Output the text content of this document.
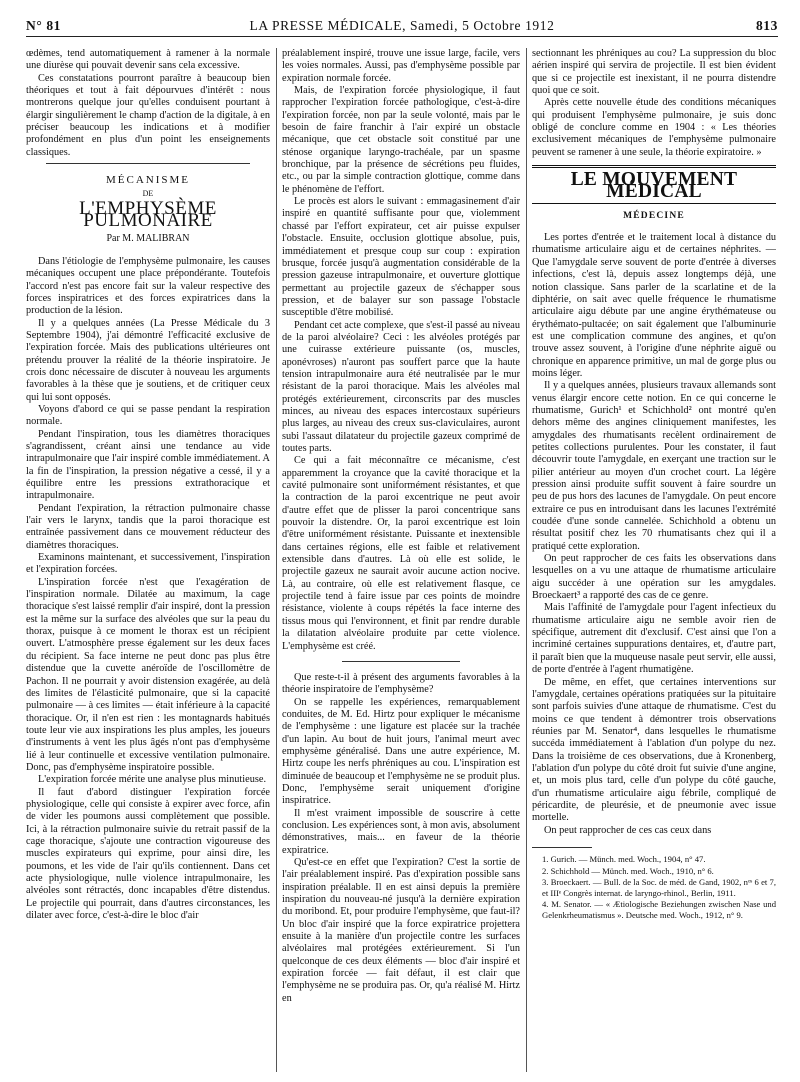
N° 81	LA PRESSE MÉDICALE, Samedi, 5 Octobre 1912	813

œdèmes, tend automatiquement à ramener à la normale une diurèse qui pouvait devenir sans cela excessive.

Ces constatations pourront paraître à beaucoup bien théoriques et tout à fait dépourvues d'intérêt : nous montrerons quelque jour qu'elles conduisent pourtant à élargir singulièrement le champ d'action de la digitale, à en préciser beaucoup les indications et à modifier profondément en plus d'un point les enseignements classiques.

MÉCANISME
DE
L'EMPHYSÈME PULMONAIRE
Par M. MALIBRAN

Dans l'étiologie de l'emphysème pulmonaire, les causes mécaniques occupent une place prépondérante. Toutefois l'accord n'est pas encore fait sur la valeur respective des forces inspiratrices et des forces expiratrices dans la production de la lésion.

Il y a quelques années (La Presse Médicale du 3 Septembre 1904), j'ai démontré l'efficacité exclusive de l'expiration forcée. Mais des publications ultérieures ont prétendu prouver la réalité de la théorie inspiratoire. Je crois donc nécessaire de discuter à nouveau les arguments favorables à la thèse que je soutiens, et de critiquer ceux qui lui sont opposés.

Voyons d'abord ce qui se passe pendant la respiration normale.

Pendant l'inspiration, tous les diamètres thoraciques s'agrandissent, créant ainsi une tendance au vide intrapulmonaire que l'air inspiré comble immédiatement. A la fin de l'inspiration, la pression négative a cessé, il y a équilibre entre les pressions extrathoracique et intrapulmonaire.

Pendant l'expiration, la rétraction pulmonaire chasse l'air vers le larynx, tandis que la paroi thoracique est entraînée passivement dans ce mouvement réducteur des diamètres thoraciques.

Examinons maintenant, et successivement, l'inspiration et l'expiration forcées.

L'inspiration forcée n'est que l'exagération de l'inspiration normale. Dilatée au maximum, la cage thoracique s'est laissé remplir d'air inspiré, dont la pression est la même sur la surface des alvéoles que sur la peau du thorax, puisque à ce moment le thorax est un récipient ouvert. L'atmosphère presse également sur les deux faces du récipient. Sa face interne ne peut donc pas plus être distendue que la cuvette anéroïde de l'oscillomètre de Pachon. Il ne pourrait y avoir distension exagérée, au delà des limites de l'élasticité pulmonaire, que si la capacité pulmonaire — à ces limites — était inférieure à la capacité thoracique. Or, il n'en est rien : les montagnards habitués toute leur vie aux inspirations les plus amples, les joueurs d'instruments à vent les plus âgés n'ont pas d'emphysème lié à leur continuelle et excessive ventilation pulmonaire. Donc, pas d'emphysème inspiratoire possible.

L'expiration forcée mérite une analyse plus minutieuse.

Il faut d'abord distinguer l'expiration forcée physiologique, celle qui consiste à expirer avec force, afin de vider les poumons aussi complètement que possible. Ici, à la rétraction pulmonaire suivie du retrait passif de la cage thoracique, s'ajoute une contraction vigoureuse des muscles expirateurs qui exprime, pour ainsi dire, les poumons, et les vide de l'air qu'ils contiennent. Dans cet acte physiologique, nulle violence intrapulmonaire, les alvéoles sont rétractés, donc incapables d'être distendus. Le projectile qui pourrait, dans d'autres circonstances, les dilater avec force, c'est-à-dire le bloc d'air

préalablement inspiré, trouve une issue large, facile, vers les voies normales. Aussi, pas d'emphysème possible par expiration normale forcée.

Mais, de l'expiration forcée physiologique, il faut rapprocher l'expiration forcée pathologique, c'est-à-dire l'expiration forcée, non par la seule volonté, mais par le besoin de faire franchir à l'air expiré un obstacle mécanique, que cet obstacle soit constitué par une sténose organique laryngo-trachéale, par un spasme bronchique, par la présence de sécrétions peu fluides, etc., ou par la simple contraction glottique, comme dans le phénomène de l'effort.

Le procès est alors le suivant : emmagasinement d'air inspiré en quantité suffisante pour que, violemment chassé par l'effort expirateur, cet air puisse expulser l'obstacle. Ensuite, occlusion glottique absolue, puis, immédiatement et presque coup sur coup : expiration brusque, forcée jusqu'à augmentation considérable de la pression gazeuse intrapulmonaire, et ouverture glottique permettant au projectile gazeux de s'échapper sous pression, et de balayer sur son passage l'obstacle susceptible d'être mobilisé.

Pendant cet acte complexe, que s'est-il passé au niveau de la paroi alvéolaire? Ceci : les alvéoles protégés par une cuirasse extérieure puissante (os, muscles, aponévroses) n'auront pas souffert parce que la haute tension intrapulmonaire aura été neutralisée par le mur résistant de la paroi thoracique. Mais les alvéoles mal protégés extérieurement, circonscrits par des muscles minces, au niveau des espaces intercostaux supérieurs plus larges, au niveau des creux sus-claviculaires, auront subi l'assaut dilatateur du projectile gazeux comprimé de toutes parts.

Ce qui a fait méconnaître ce mécanisme, c'est apparemment la croyance que la cavité thoracique et la cavité pulmonaire sont uniformément résistantes, et que la contraction de la paroi excentrique ne peut avoir d'autre effet que de plisser la paroi concentrique sans pouvoir la distendre. Or, la paroi excentrique est loin d'être uniformément résistante. Puissante et inextensible dans certaines régions, elle est faible et relativement extensible dans d'autres. Là où elle est solide, le projectile gazeux ne saurait avoir aucune action nocive. Là, au contraire, où elle est relativement flasque, ce projectile tend à faire issue par ces points de moindre résistance, violente à coups répétés la face interne des tissus mous qui l'environnent, et finit par rendre durable la dilatation alvéolaire produite par cette violence. L'emphysème est créé.

Que reste-t-il à présent des arguments favorables à la théorie inspiratoire de l'emphysème?

On se rappelle les expériences, remarquablement conduites, de M. Ed. Hirtz pour expliquer le mécanisme de l'emphysème : une ligature est placée sur la trachée d'un lapin. Au bout de huit jours, l'animal meurt avec emphysème généralisé. Dans une autre expérience, M. Hirtz coupe les nerfs phréniques au cou. L'inspiration est diminuée de beaucoup et l'emphysème ne se produit plus. Donc, l'emphysème serait uniquement d'origine inspiratrice.

Il m'est vraiment impossible de souscrire à cette conclusion. Les expériences sont, à mon avis, absolument démonstratives, mais... en faveur de la théorie expiratrice.

Qu'est-ce en effet que l'expiration? C'est la sortie de l'air préalablement inspiré. Pas d'expiration possible sans inspiration préalable. Il en est ainsi depuis la première inspiration du nouveau-né jusqu'à la dernière expiration du moribond. Et, pour produire l'emphysème, que faut-il? Un bloc d'air inspiré que la force expiratrice projettera ensuite à la manière d'un projectile contre les surfaces alvéolaires mal protégées extérieurement. Si l'un quelconque de ces deux éléments — bloc d'air inspiré et expiration forcée — fait défaut, il est clair que l'emphysème ne se produira pas. Or, qu'a réalisé M. Hirtz en

sectionnant les phréniques au cou? La suppression du bloc aérien inspiré qui servira de projectile. Il est bien évident que si ce projectile est inexistant, il ne pourra distendre quoi que ce soit.

Après cette nouvelle étude des conditions mécaniques qui produisent l'emphysème pulmonaire, je suis donc obligé de conclure comme en 1904 : « Les théories exclusivement mécaniques de l'emphysème pulmonaire peuvent se ramener à une seule, la théorie expiratoire. »

LE MOUVEMENT MÉDICAL
MÉDECINE

Les portes d'entrée et le traitement local à distance du rhumatisme articulaire aigu et de certaines néphrites. — Que l'amygdale serve souvent de porte d'entrée à diverses infections, c'est là, depuis assez longtemps déjà, une notion classique. Sans parler de la scarlatine et de la diphtérie, on sait avec quelle fréquence le rhumatisme articulaire aigu débute par une angine érythémateuse ou érythémato-pultacée; on sait également que l'albuminurie est une complication commune des angines, et qu'on trouve assez souvent, à l'origine d'une néphrite aiguë ou chronique en apparence primitive, un mal de gorge plus ou moins léger.

Il y a quelques années, plusieurs travaux allemands sont venus élargir encore cette notion. En ce qui concerne le rhumatisme, Gurich¹ et Schichhold² ont montré qu'en dehors même des angines cliniquement manifestes, les amygdales des rhumatisants recèlent ordinairement de petites collections purulentes. Pour les constater, il faut découvrir toute l'amygdale, en exerçant une traction sur le pilier antérieur au moyen d'un crochet court. La légère pression ainsi produite suffit souvent à faire sourdre un peu de pus hors des lacunes de l'amygdale. On peut encore extraire ce pus en introduisant dans les lacunes l'extrémité coudée d'une sonde cannelée. Schichhold a obtenu un résultat positif chez les 70 rhumatisants chez qui il a pratiqué cette exploration.

On peut rapprocher de ces faits les observations dans lesquelles on a vu une attaque de rhumatisme articulaire aigu succéder à une opération sur les amygdales. Broeckaert³ a rapporté des cas de ce genre.

Mais l'affinité de l'amygdale pour l'agent infectieux du rhumatisme articulaire aigu ne semble avoir rien de spécifique, autrement dit d'exclusif. C'est ainsi que l'on a incriminé certaines suppurations dentaires, et, d'autre part, il paraît bien que la muqueuse nasale peut servir, elle aussi, de porte d'entrée à l'agent rhumatigène.

De même, en effet, que certaines interventions sur l'amygdale, certaines opérations pratiquées sur la pituitaire sont parfois suivies d'une attaque de rhumatisme. C'est du moins ce que tendent à démontrer trois observations réunies par M. Senator⁴, dans lesquelles le rhumatisme succéda immédiatement à l'ablation d'un polype du nez. Dans la troisième de ces observations, due à Kronenberg, l'ablation d'un polype du côté droit fut suivie d'une angine, et, un mois plus tard, celle d'un polype du côté gauche, d'un rhumatisme articulaire aigu fébrile, compliqué de péricardite, de pleurésie, et de pneumonie avec issue mortelle.

On peut rapprocher de ces cas ceux dans

1. Gurich. — Münch. med. Woch., 1904, n° 47.

2. Schichhold — Münch. med. Woch., 1910, n° 6.

3. Broeckaert. — Bull. de la Soc. de méd. de Gand, 1902, nᵒˢ 6 et 7, et IIIᵉ Congrès internat. de laryngo-rhinol., Berlin, 1911.

4. M. Senator. — « Ætiologische Beziehungen zwischen Nase und Gelenkrheumatismus ». Deutsche med. Woch., 1912, n° 9.
